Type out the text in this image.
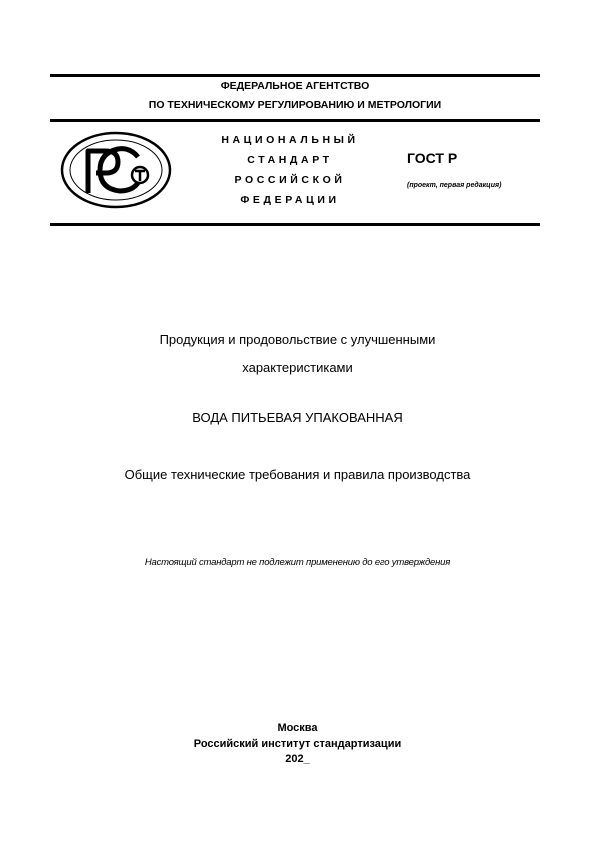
ФЕДЕРАЛЬНОЕ АГЕНТСТВО
ПО ТЕХНИЧЕСКОМУ РЕГУЛИРОВАНИЮ И МЕТРОЛОГИИ
НАЦИОНАЛЬНЫЙ
СТАНДАРТ
РОССИЙСКОЙ
ФЕДЕРАЦИИ
ГОСТ Р
(проект, первая редакция)
Продукция и продовольствие с улучшенными
характеристиками
ВОДА ПИТЬЕВАЯ УПАКОВАННАЯ
Общие технические требования и правила производства
Настоящий стандарт не подлежит применению до его утверждения
Москва
Российский институт стандартизации
202_
